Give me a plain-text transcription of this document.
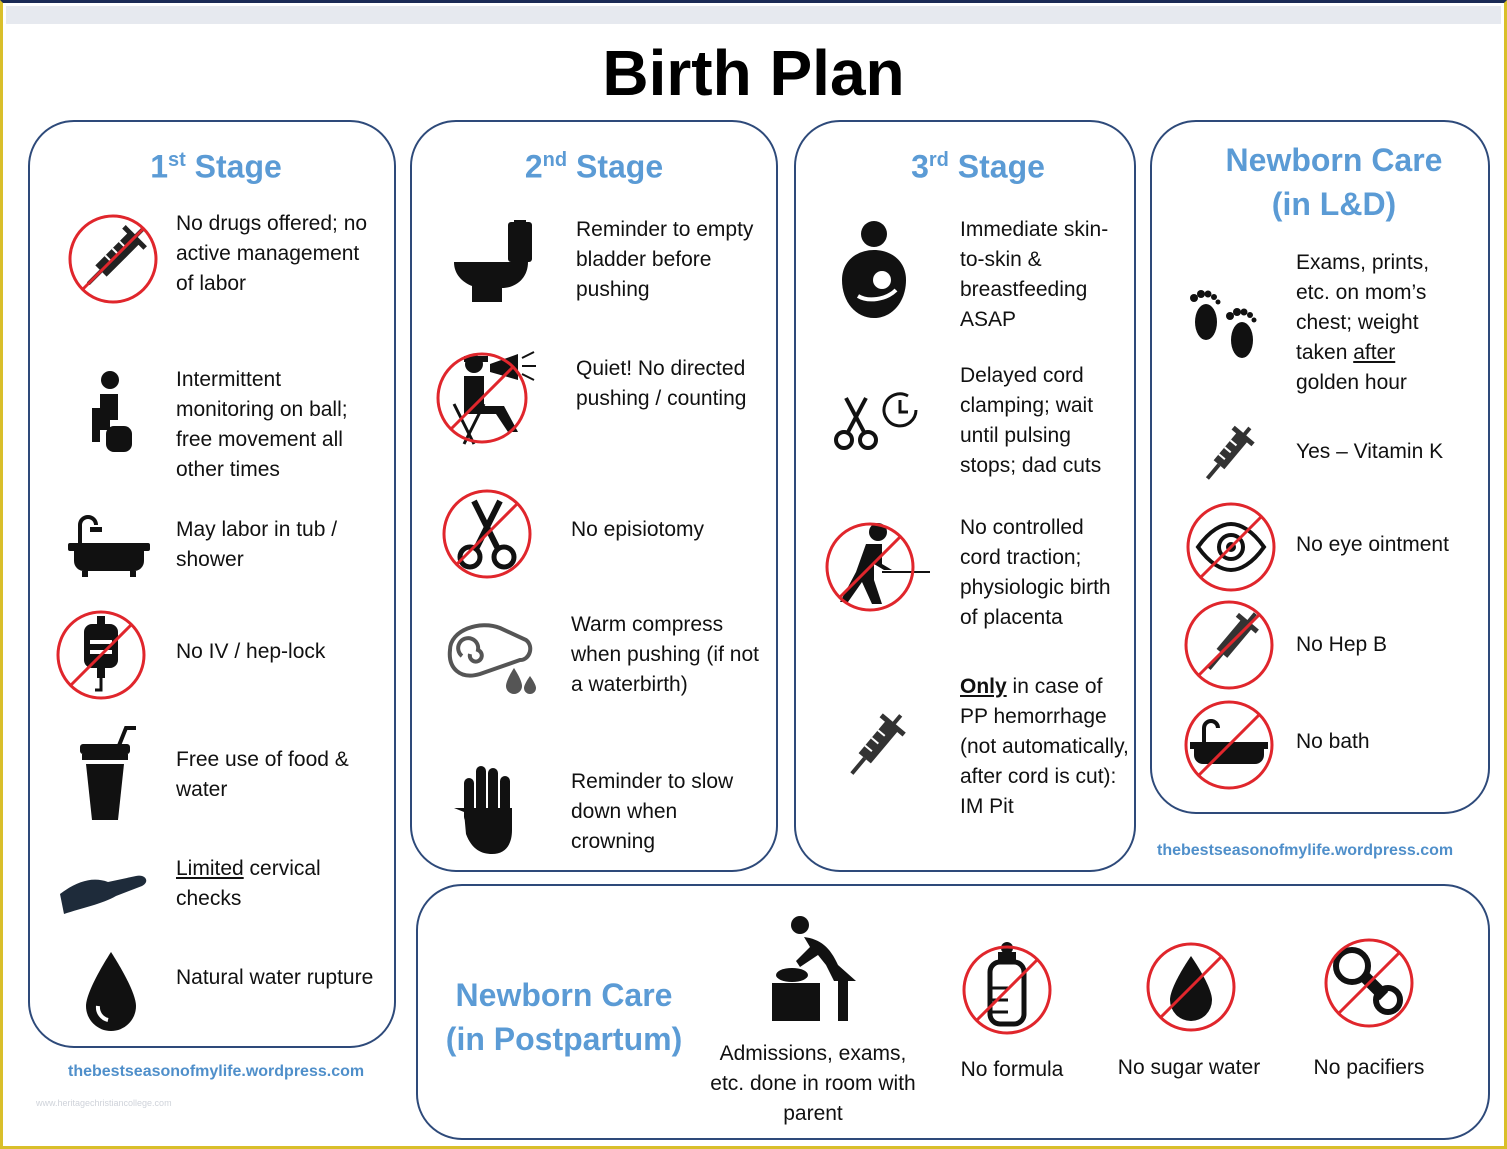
Birth Plan
1st Stage
No drugs offered; no active management of labor
Intermittent monitoring on ball; free movement all other times
May labor in tub / shower
No IV / hep-lock
Free use of food & water
Limited cervical checks
Natural water rupture
thebestseasonofmylife.wordpress.com
www.heritagechristiancollege.com
2nd Stage
Reminder to empty bladder before pushing
Quiet! No directed pushing / counting
No episiotomy
Warm compress when pushing (if not a waterbirth)
Reminder to slow down when crowning
3rd Stage
Immediate skin-to-skin & breastfeeding ASAP
Delayed cord clamping; wait until pulsing stops; dad cuts
No controlled cord traction; physiologic birth of placenta
Only in case of PP hemorrhage (not automatically, after cord is cut): IM Pit
Newborn Care
(in L&D)
Exams, prints, etc. on mom’s chest; weight taken after golden hour
Yes – Vitamin K
No eye ointment
No Hep B
No bath
thebestseasonofmylife.wordpress.com
Newborn Care
(in Postpartum)	Admissions, exams, etc. done in room with parent
No formula	No sugar water	No pacifiers
